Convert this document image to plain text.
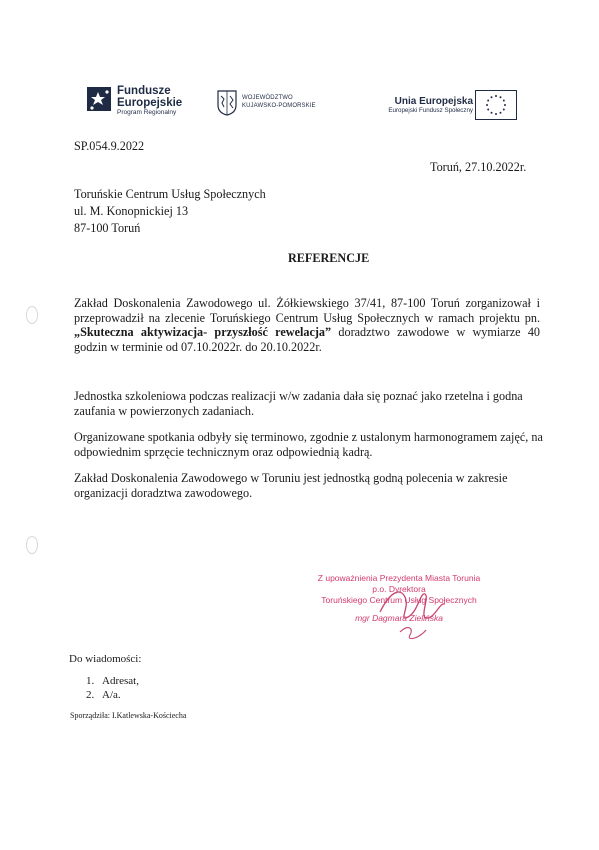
Fundusze
Europejskie
Program Regionalny
WOJEWÓDZTWO
KUJAWSKO-POMORSKIE	Unia Europejska
Europejski Fundusz Społeczny
SP.054.9.2022
Toruń, 27.10.2022r.
Toruńskie Centrum Usług Społecznych
ul. M. Konopnickiej 13
87-100 Toruń
REFERENCJE
Zakład Doskonalenia Zawodowego ul. Żółkiewskiego 37/41, 87-100 Toruń zorganizował i przeprowadził na zlecenie Toruńskiego Centrum Usług Społecznych w ramach projektu pn. „Skuteczna aktywizacja- przyszłość rewelacja” doradztwo zawodowe w wymiarze 40 godzin w terminie od 07.10.2022r. do 20.10.2022r.
Jednostka szkoleniowa podczas realizacji w/w zadania dała się poznać jako rzetelna i godna zaufania w powierzonych zadaniach.
Organizowane spotkania odbyły się terminowo, zgodnie z ustalonym harmonogramem zajęć, na odpowiednim sprzęcie technicznym oraz odpowiednią kadrą.
Zakład Doskonalenia Zawodowego w Toruniu jest jednostką godną polecenia w zakresie organizacji doradztwa zawodowego.
Z upoważnienia Prezydenta Miasta Torunia
p.o. Dyrektora
Toruńskiego Centrum Usług Społecznych
mgr Dagmara Zielińska
Do wiadomości:
1. Adresat,
2. A/a.
Sporządziła: I.Katlewska-Kościecha
